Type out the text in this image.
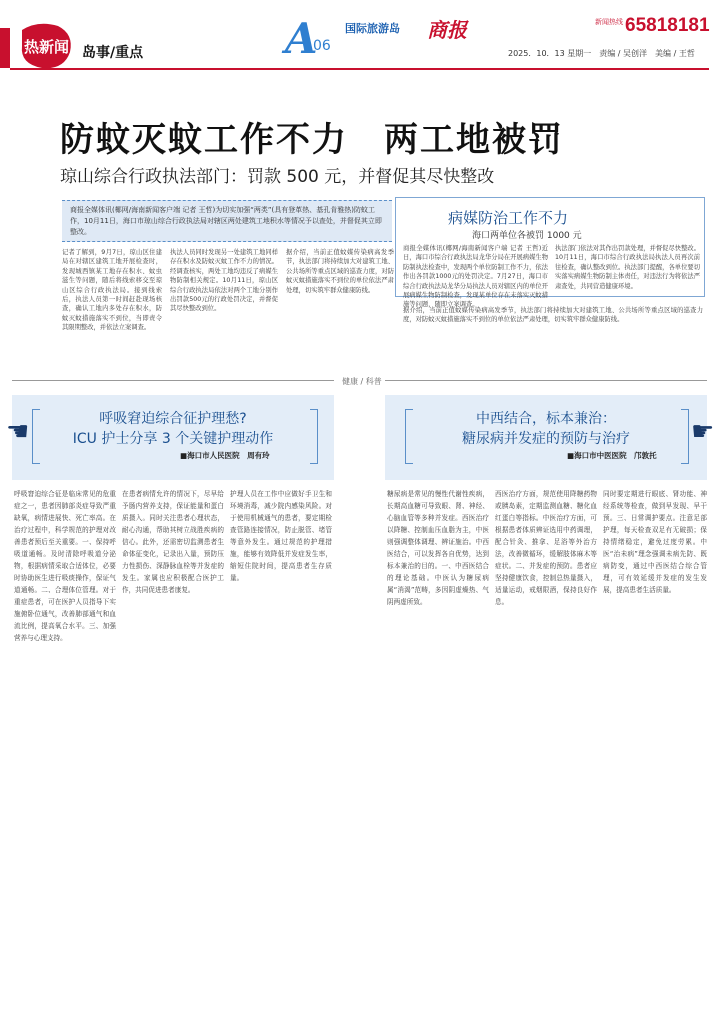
热新闻 岛事/重点	A
06
国际旅游岛 商报	新闻热线 65818181
2025．10．13 星期一　责编 / 吴创洋　美编 / 王哲
防蚊灭蚊工作不力　两工地被罚
琼山综合行政执法部门：罚款 500 元，并督促其尽快整改
商报全媒体讯(椰网/海南新闻客户端 记者 王哲)为切实加强“两类”(具有登革热、基孔肯雅热)防蚊工作，10月11日，海口市琼山综合行政执法局对辖区两处建筑工地积水等情况予以查处，并督促其立即整改。
病媒防治工作不力
海口两单位各被罚 1000 元
商报全媒体讯(椰网/海南新闻客户端 记者 王哲)近日，海口市综合行政执法局龙华分局在开展病媒生物防制执法检查中，发现两个单位防制工作不力，依法作出各罚款1000元的处罚决定。7月27日，海口市综合行政执法局龙华分局执法人员对辖区内的单位开展病媒生物防制检查，发现某单位存在未落实灭蚊措施等问题，随即立案调查。
执法部门依法对其作出罚款处理，并督促尽快整改。10月11日，海口市综合行政执法局执法人员再次前往检查，确认整改到位。执法部门提醒，各单位要切实落实病媒生物防制主体责任，对违法行为将依法严肃查处，共同营造健康环境。
记者了解到，9月7日，琼山区住建局在对辖区建筑工地开展检查时，发现城西镇某工地存在积水、蚊虫滋生等问题，随后将线索移交至琼山区综合行政执法局。接到线索后，执法人员第一时间赶赴现场核查，确认工地内多处存在积水，防蚊灭蚊措施落实不到位，当即责令其限期整改，并依法立案调查。
执法人员同时发现另一处建筑工地同样存在积水及防蚊灭蚊工作不力的情况。经调查核实，两处工地均违反了病媒生物防制相关规定。10月11日，琼山区综合行政执法局依法对两个工地分别作出罚款500元的行政处罚决定，并督促其尽快整改到位。
据介绍，当前正值蚊媒传染病高发季节，执法部门将持续加大对建筑工地、公共场所等重点区域的巡查力度，对防蚊灭蚊措施落实不到位的单位依法严肃处理，切实筑牢群众健康防线。
据介绍，当前正值蚊媒传染病高发季节，执法部门将持续加大对建筑工地、公共场所等重点区域的巡查力度，对防蚊灭蚊措施落实不到位的单位依法严肃处理，切实筑牢群众健康防线。
健康 / 科普
☚	呼吸窘迫综合征护理愁?
ICU 护士分享 3 个关键护理动作
■海口市人民医院　周有玲
呼吸窘迫综合征是临床常见的危重症之一，患者因肺部炎症导致严重缺氧，病情进展快、死亡率高。在治疗过程中，科学规范的护理对改善患者预后至关重要。一、保持呼吸道通畅。及时清除呼吸道分泌物，根据病情采取合适体位，必要时协助医生进行吸痰操作，保证气道通畅。二、合理体位管理。对于重症患者，可在医护人员指导下实施俯卧位通气，改善肺部通气和血流比例，提高氧合水平。三、加强营养与心理支持。
在患者病情允许的情况下，尽早给予肠内营养支持，保证能量和蛋白质摄入。同时关注患者心理状态，耐心沟通，帮助其树立战胜疾病的信心。此外，还需密切监测患者生命体征变化，记录出入量，预防压力性损伤、深静脉血栓等并发症的发生。家属也应积极配合医护工作，共同促进患者康复。
护理人员在工作中应做好手卫生和环境消毒，减少院内感染风险。对于使用机械通气的患者，要定期检查管路连接情况，防止脱管、堵管等意外发生。通过规范的护理措施，能够有效降低并发症发生率，缩短住院时间，提高患者生存质量。
☛
中西结合，标本兼治：
糖尿病并发症的预防与治疗
■海口市中医医院　邝敦托
糖尿病是常见的慢性代谢性疾病，长期高血糖可导致眼、肾、神经、心脑血管等多种并发症。西医治疗以降糖、控制血压血脂为主，中医则强调整体调理、辨证施治。中西医结合，可以发挥各自优势，达到标本兼治的目的。一、中西医结合的理论基础。中医认为糖尿病属“消渴”范畴，多因阴虚燥热、气阴两虚所致。
西医治疗方面，规范使用降糖药物或胰岛素，定期监测血糖、糖化血红蛋白等指标。中医治疗方面，可根据患者体质辨证选用中药调理，配合针灸、推拿、足浴等外治方法，改善微循环，缓解肢体麻木等症状。二、并发症的预防。患者应坚持健康饮食，控制总热量摄入，适量运动，戒烟限酒，保持良好作息。
同时要定期进行眼底、肾功能、神经系统等检查，做到早发现、早干预。三、日常调护要点。注意足部护理，每天检查双足有无破损；保持情绪稳定，避免过度劳累。中医“治未病”理念强调未病先防、既病防变，通过中西医结合综合管理，可有效延缓并发症的发生发展，提高患者生活质量。
